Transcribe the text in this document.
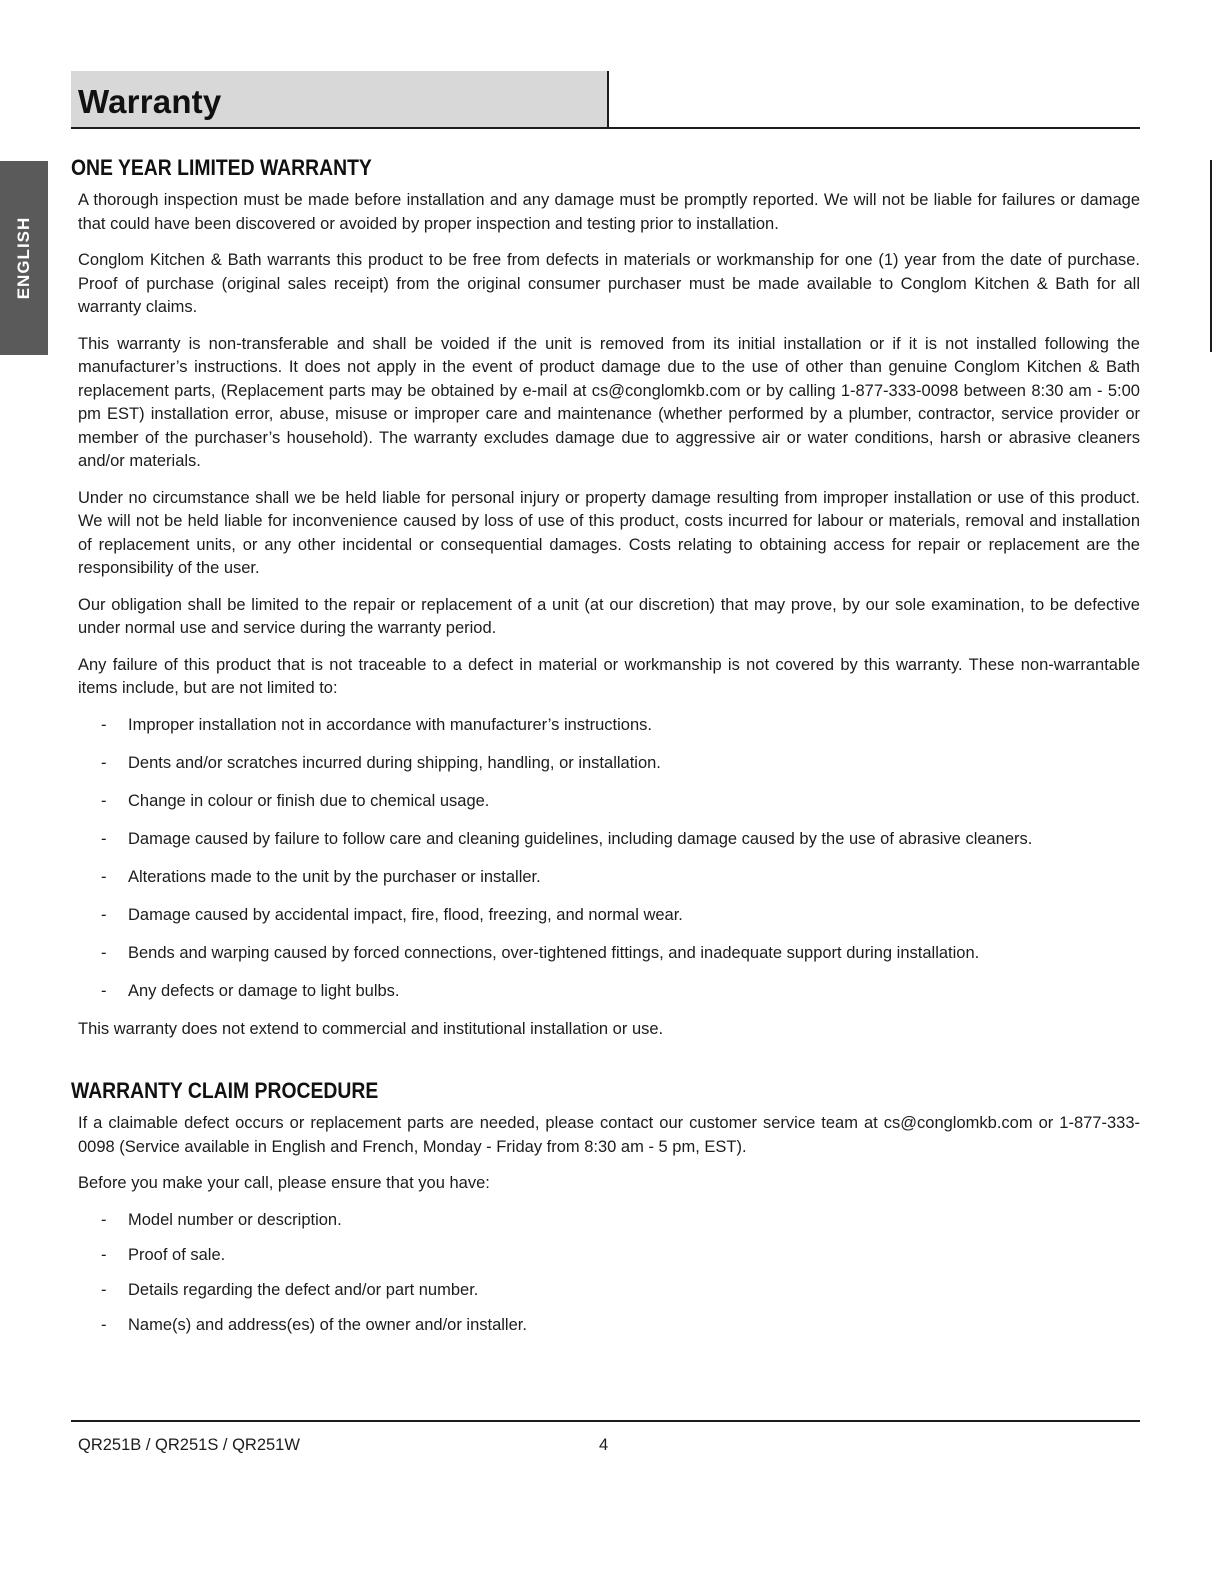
Warranty
ENGLISH
ONE YEAR LIMITED WARRANTY

A thorough inspection must be made before installation and any damage must be promptly reported. We will not be liable for failures or damage that could have been discovered or avoided by proper inspection and testing prior to installation.

Conglom Kitchen & Bath warrants this product to be free from defects in materials or workmanship for one (1) year from the date of purchase. Proof of purchase (original sales receipt) from the original consumer purchaser must be made available to Conglom Kitchen & Bath for all warranty claims.

This warranty is non-transferable and shall be voided if the unit is removed from its initial installation or if it is not installed following the manufacturer’s instructions. It does not apply in the event of product damage due to the use of other than genuine Conglom Kitchen & Bath replacement parts, (Replacement parts may be obtained by e-mail at cs@conglomkb.com or by calling 1-877-333-0098 between 8:30 am - 5:00 pm EST) installation error, abuse, misuse or improper care and maintenance (whether performed by a plumber, contractor, service provider or member of the purchaser’s household). The warranty excludes damage due to aggressive air or water conditions, harsh or abrasive cleaners and/or materials.

Under no circumstance shall we be held liable for personal injury or property damage resulting from improper installation or use of this product. We will not be held liable for inconvenience caused by loss of use of this product, costs incurred for labour or materials, removal and installation of replacement units, or any other incidental or consequential damages. Costs relating to obtaining access for repair or replacement are the responsibility of the user.

Our obligation shall be limited to the repair or replacement of a unit (at our discretion) that may prove, by our sole examination, to be defective under normal use and service during the warranty period.

Any failure of this product that is not traceable to a defect in material or workmanship is not covered by this warranty. These non-warrantable items include, but are not limited to:

- Improper installation not in accordance with manufacturer’s instructions.
- Dents and/or scratches incurred during shipping, handling, or installation.
- Change in colour or finish due to chemical usage.
- Damage caused by failure to follow care and cleaning guidelines, including damage caused by the use of abrasive cleaners.
- Alterations made to the unit by the purchaser or installer.
- Damage caused by accidental impact, fire, flood, freezing, and normal wear.
- Bends and warping caused by forced connections, over-tightened fittings, and inadequate support during installation.
- Any defects or damage to light bulbs.

This warranty does not extend to commercial and institutional installation or use.

WARRANTY CLAIM PROCEDURE

If a claimable defect occurs or replacement parts are needed, please contact our customer service team at cs@conglomkb.com or 1-877-333-0098 (Service available in English and French, Monday - Friday from 8:30 am - 5 pm, EST).

Before you make your call, please ensure that you have:

- Model number or description.
- Proof of sale.
- Details regarding the defect and/or part number.
- Name(s) and address(es) of the owner and/or installer.
QR251B / QR251S / QR251W	4
